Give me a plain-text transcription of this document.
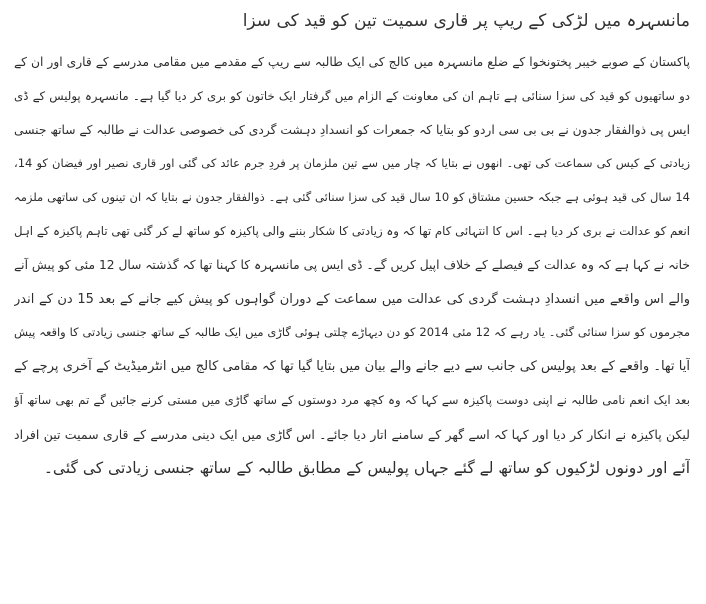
مانسہرہ میں لڑکی کے ریپ پر قاری سمیت تین کو قید کی سزا
پاکستان کے صوبے خیبر پختونخوا کے ضلع مانسہرہ میں کالج کی ایک طالبہ سے ریپ کے مقدمے میں مقامی مدرسے کے قاری اور ان کے
دو ساتھیوں کو قید کی سزا سنائی ہے تاہم ان کی معاونت کے الزام میں گرفتار ایک خاتون کو بری کر دیا گیا ہے۔ مانسہرہ پولیس کے ڈی
ایس پی ذوالفقار جدون نے بی بی سی اردو کو بتایا کہ جمعرات کو انسدادِ دہشت گردی کی خصوصی عدالت نے طالبہ کے ساتھ جنسی
زیادتی کے کیس کی سماعت کی تھی۔ انھوں نے بتایا کہ چار میں سے تین ملزمان پر فردِ جرم عائد کی گئی اور قاری نصیر اور فیضان کو 14،
14 سال کی قید ہوئی ہے جبکہ حسین مشتاق کو 10 سال قید کی سزا سنائی گئی ہے۔ ذوالفقار جدون نے بتایا کہ ان تینوں کی ساتھی ملزمہ
انعم کو عدالت نے بری کر دیا ہے۔ اس کا انتہائی کام تھا کہ وہ زیادتی کا شکار بننے والی پاکیزہ کو ساتھ لے کر گئی تھی تاہم پاکیزہ کے اہل
خانہ نے کہا ہے کہ وہ عدالت کے فیصلے کے خلاف اپیل کریں گے۔ ڈی ایس پی مانسہرہ کا کہنا تھا کہ گذشتہ سال 12 مئی کو پیش آنے
والے اس واقعے میں انسدادِ دہشت گردی کی عدالت میں سماعت کے دوران گواہوں کو پیش کیے جانے کے بعد 15 دن کے اندر
مجرموں کو سزا سنائی گئی۔ یاد رہے کہ 12 مئی 2014 کو دن دیہاڑے چلتی ہوئی گاڑی میں ایک طالبہ کے ساتھ جنسی زیادتی کا واقعہ پیش
آیا تھا۔ واقعے کے بعد پولیس کی جانب سے دیے جانے والے بیان میں بتایا گیا تھا کہ مقامی کالج میں انٹرمیڈیٹ کے آخری پرچے کے
بعد ایک انعم نامی طالبہ نے اپنی دوست پاکیزہ سے کہا کہ وہ کچھ مرد دوستوں کے ساتھ گاڑی میں مستی کرنے جائیں گے تم بھی ساتھ آؤ
لیکن پاکیزہ نے انکار کر دیا اور کہا کہ اسے گھر کے سامنے اتار دیا جائے۔ اس گاڑی میں ایک دینی مدرسے کے قاری سمیت تین افراد
آئے اور دونوں لڑکیوں کو ساتھ لے گئے جہاں پولیس کے مطابق طالبہ کے ساتھ جنسی زیادتی کی گئی۔
